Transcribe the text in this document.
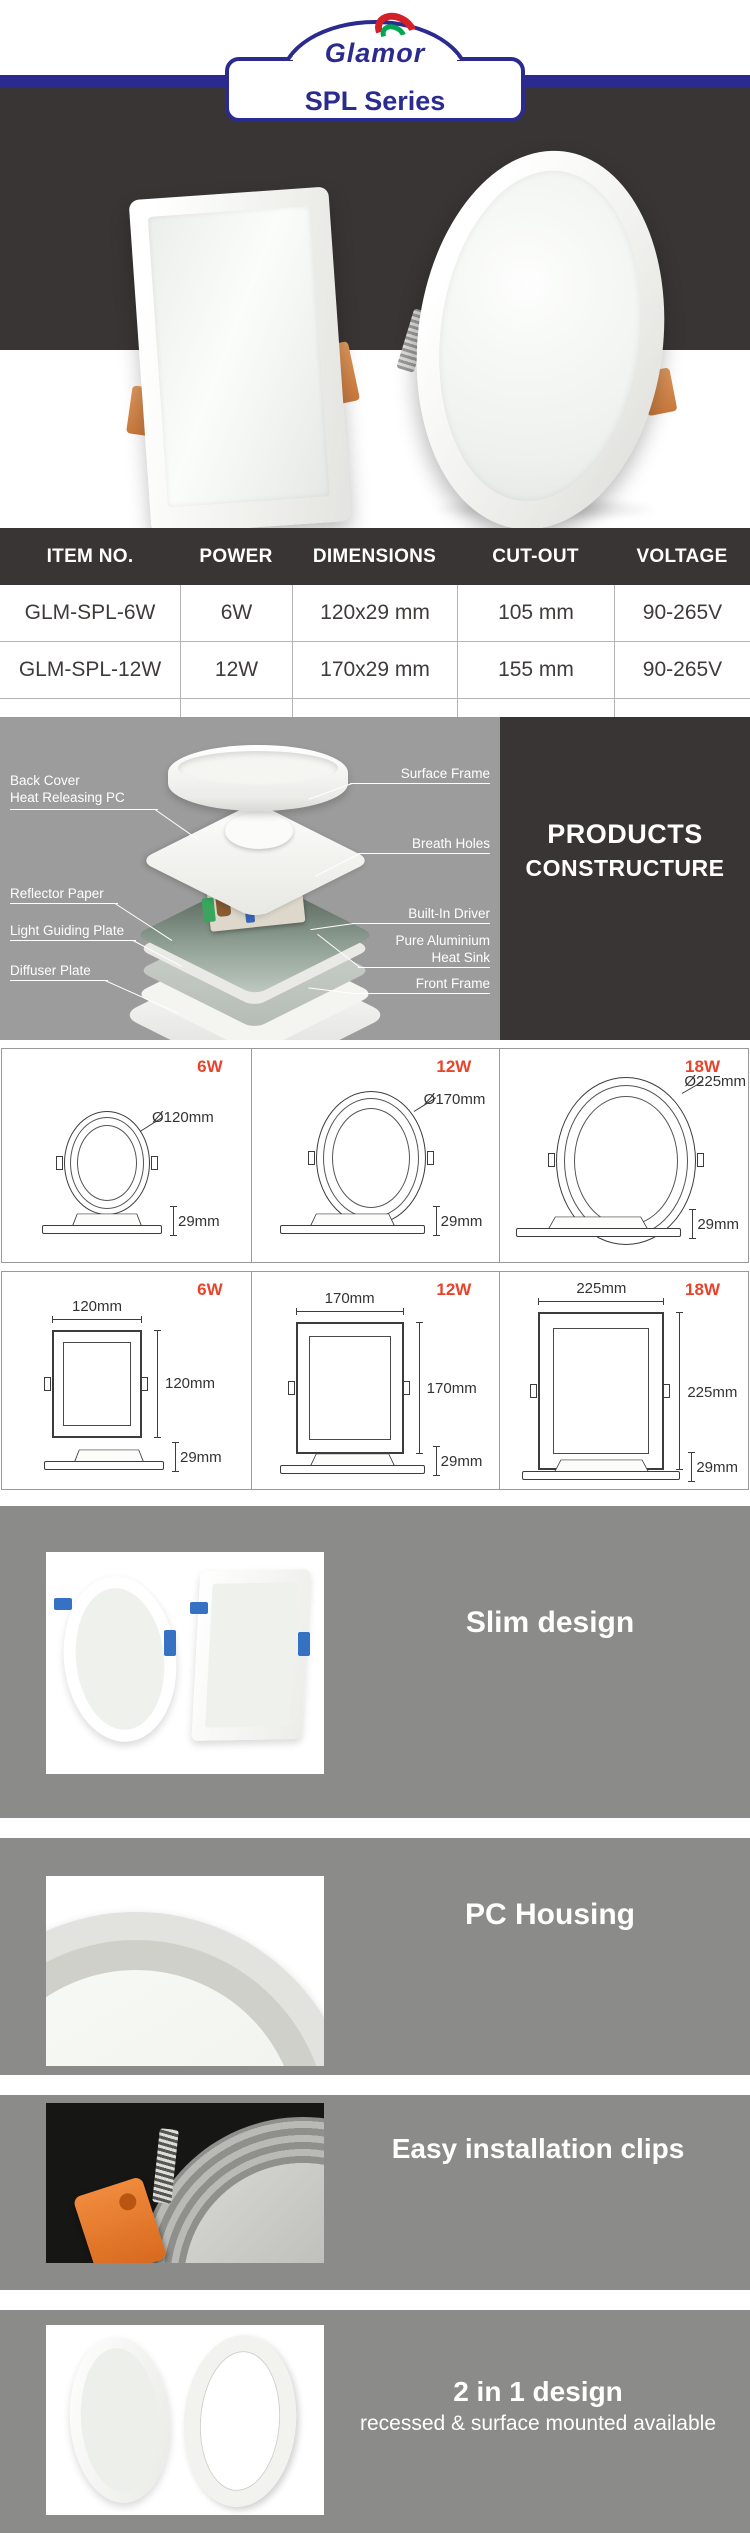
Glamor
SPL Series
ITEM NO.	POWER	DIMENSIONS	CUT-OUT	VOLTAGE
GLM-SPL-6W	6W	120x29 mm	105 mm	90-265V
GLM-SPL-12W	12W	170x29 mm	155 mm	90-265V
Back Cover
Heat Releasing PC
Reflector Paper
Light Guiding Plate
Diffuser Plate
Surface Frame
Breath Holes
Built-In Driver
Pure Aluminium
Heat Sink
Front Frame
PRODUCTS
CONSTRUCTURE
6W
Ø120mm
29mm
12W
Ø170mm
29mm
18W
Ø225mm
29mm
6W
120mm
120mm
29mm
12W
170mm
170mm
29mm
18W
225mm
225mm
29mm
Slim design
PC Housing
Easy installation clips
2 in 1 design
recessed & surface mounted available
